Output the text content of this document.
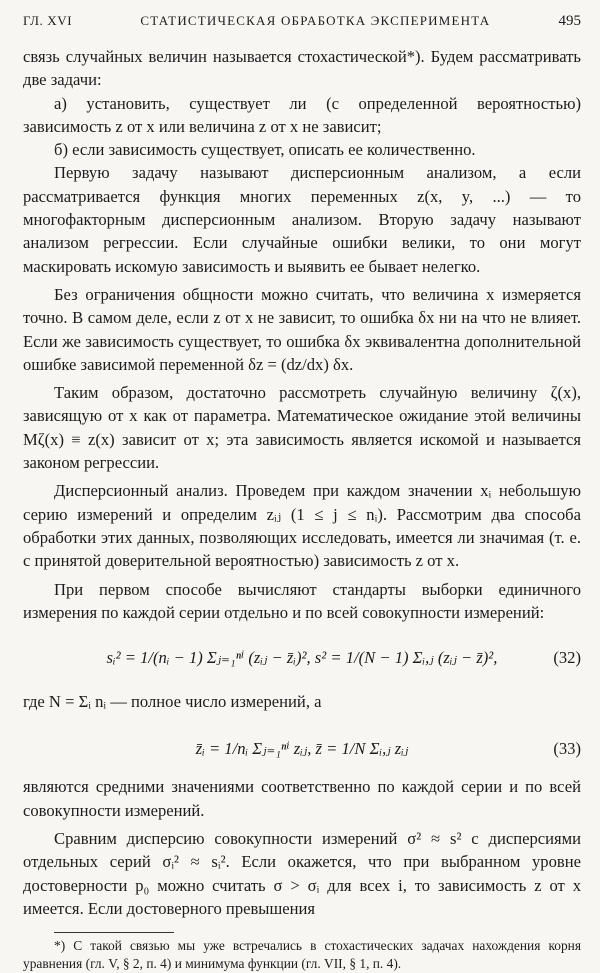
ГЛ. XVI	СТАТИСТИЧЕСКАЯ ОБРАБОТКА ЭКСПЕРИМЕНТА	495

связь случайных величин называется стохастической*). Будем рассматривать две задачи:

а) установить, существует ли (с определенной вероятностью) зависимость z от x или величина z от x не зависит;

б) если зависимость существует, описать ее количественно.

Первую задачу называют дисперсионным анализом, а если рассматривается функция многих переменных z(x, y, ...) — то многофакторным дисперсионным анализом. Вторую задачу называют анализом регрессии. Если случайные ошибки велики, то они могут маскировать искомую зависимость и выявить ее бывает нелегко.

Без ограничения общности можно считать, что величина x измеряется точно. В самом деле, если z от x не зависит, то ошибка δx ни на что не влияет. Если же зависимость существует, то ошибка δx эквивалентна дополнительной ошибке зависимой переменной δz = (dz/dx) δx.

Таким образом, достаточно рассмотреть случайную величину ζ(x), зависящую от x как от параметра. Математическое ожидание этой величины Mζ(x) ≡ z(x) зависит от x; эта зависимость является искомой и называется законом регрессии.

Дисперсионный анализ. Проведем при каждом значении xᵢ небольшую серию измерений и определим zᵢⱼ (1 ≤ j ≤ nᵢ). Рассмотрим два способа обработки этих данных, позволяющих исследовать, имеется ли значимая (т. е. с принятой доверительной вероятностью) зависимость z от x.

При первом способе вычисляют стандарты выборки единичного измерения по каждой серии отдельно и по всей совокупности измерений:

sᵢ² = 1/(nᵢ − 1) Σⱼ₌₁ⁿⁱ (zᵢⱼ − z̄ᵢ)², s² = 1/(N − 1) Σᵢ,ⱼ (zᵢⱼ − z̄)²,	(32)

где N = Σᵢ nᵢ — полное число измерений, а

z̄ᵢ = 1/nᵢ Σⱼ₌₁ⁿⁱ zᵢⱼ, z̄ = 1/N Σᵢ,ⱼ zᵢⱼ	(33)

являются средними значениями соответственно по каждой серии и по всей совокупности измерений.

Сравним дисперсию совокупности измерений σ² ≈ s² с дисперсиями отдельных серий σᵢ² ≈ sᵢ². Если окажется, что при выбранном уровне достоверности p₀ можно считать σ > σᵢ для всех i, то зависимость z от x имеется. Если достоверного превышения

*) С такой связью мы уже встречались в стохастических задачах нахождения корня уравнения (гл. V, § 2, п. 4) и минимума функции (гл. VII, § 1, п. 4).
